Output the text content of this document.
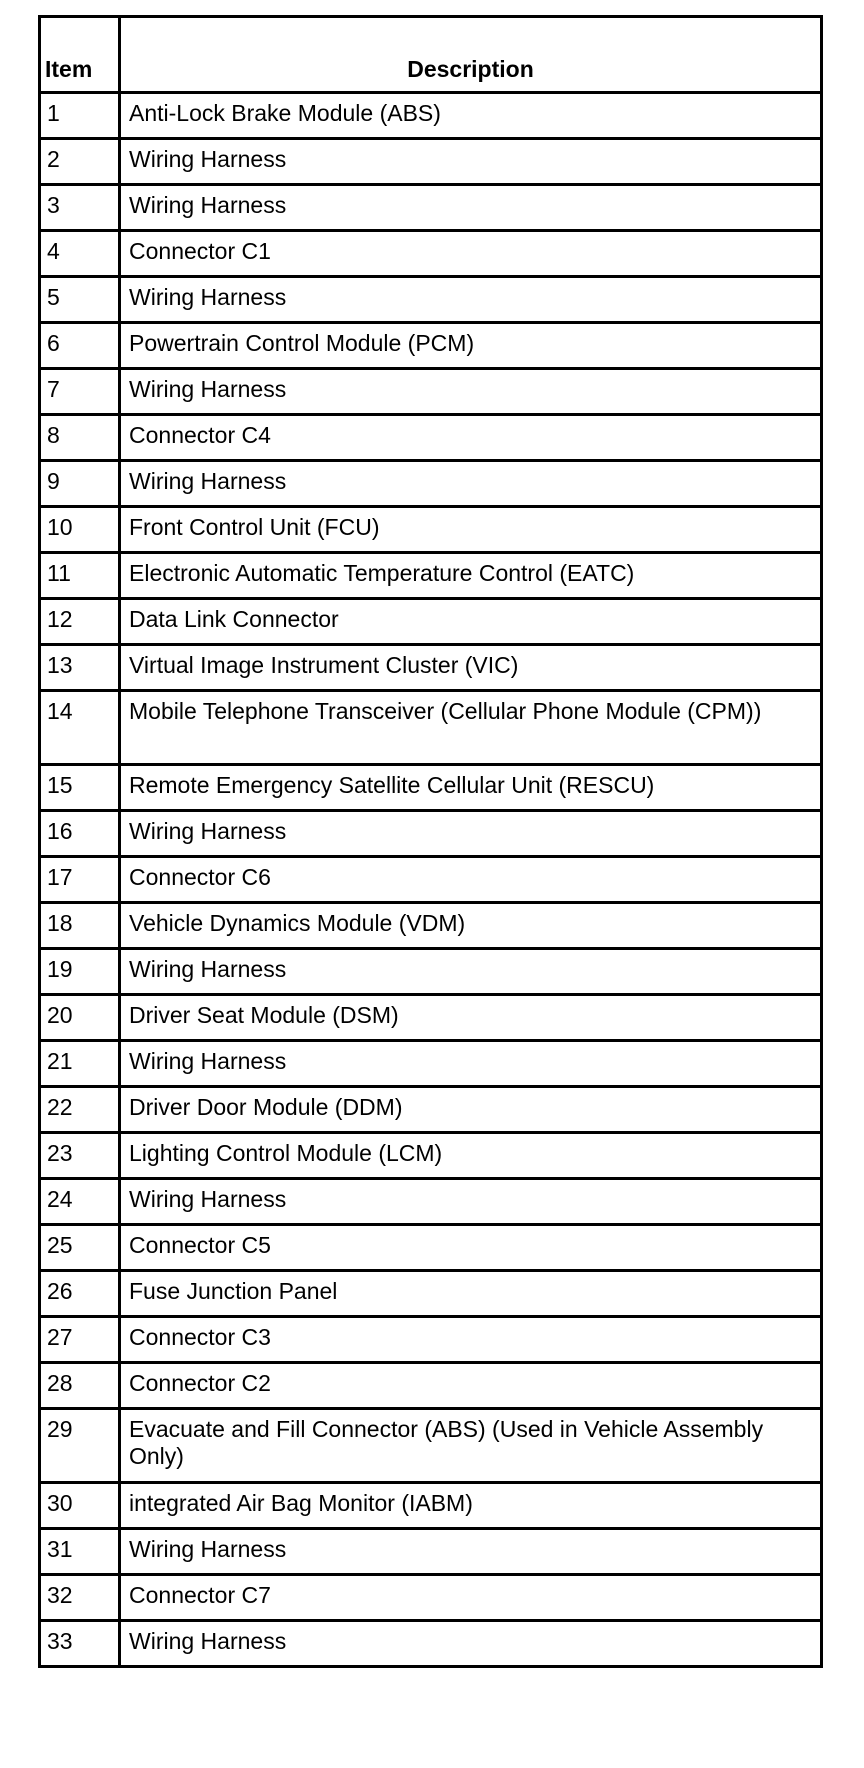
Item	Description
1	Anti-Lock Brake Module (ABS)
2	Wiring Harness
3	Wiring Harness
4	Connector C1
5	Wiring Harness
6	Powertrain Control Module (PCM)
7	Wiring Harness
8	Connector C4
9	Wiring Harness
10	Front Control Unit (FCU)
11	Electronic Automatic Temperature Control (EATC)
12	Data Link Connector
13	Virtual Image Instrument Cluster (VIC)
14	Mobile Telephone Transceiver (Cellular Phone Module (CPM))
15	Remote Emergency Satellite Cellular Unit (RESCU)
16	Wiring Harness
17	Connector C6
18	Vehicle Dynamics Module (VDM)
19	Wiring Harness
20	Driver Seat Module (DSM)
21	Wiring Harness
22	Driver Door Module (DDM)
23	Lighting Control Module (LCM)
24	Wiring Harness
25	Connector C5
26	Fuse Junction Panel
27	Connector C3
28	Connector C2
29	Evacuate and Fill Connector (ABS) (Used in Vehicle Assembly Only)
30	integrated Air Bag Monitor (IABM)
31	Wiring Harness
32	Connector C7
33	Wiring Harness
